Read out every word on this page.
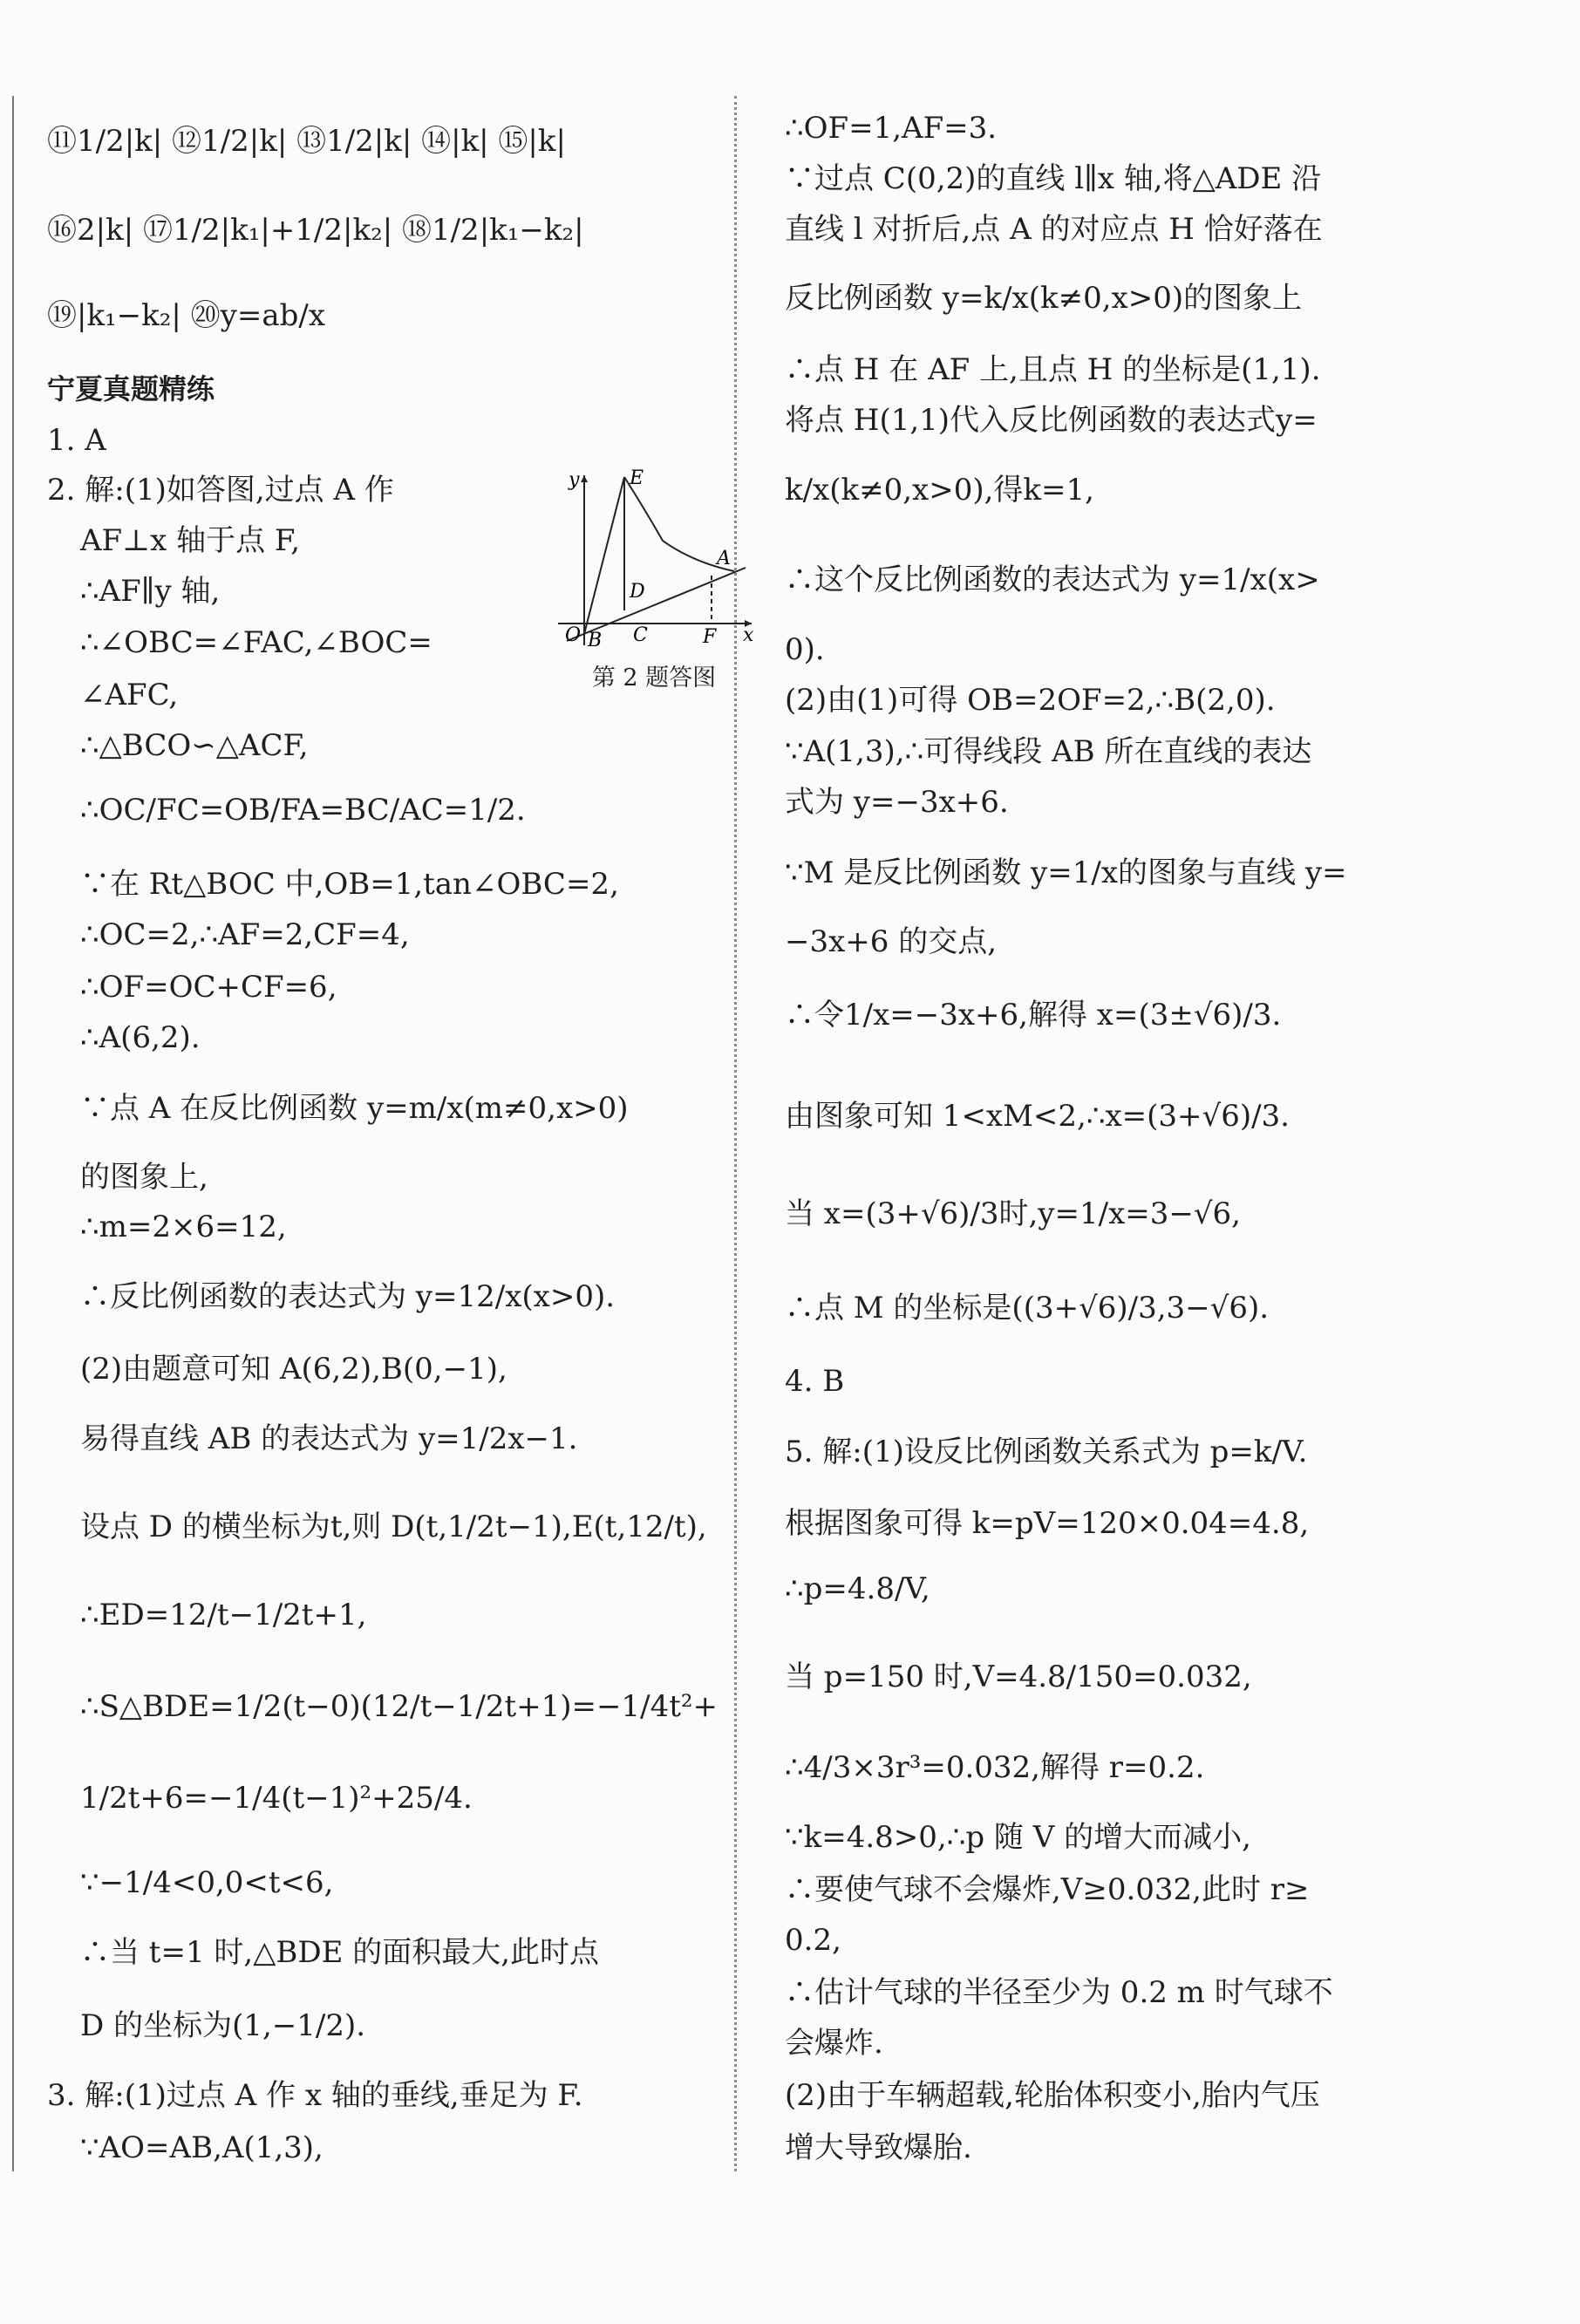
⑪1/2|k| ⑫1/2|k| ⑬1/2|k| ⑭|k| ⑮|k|
⑯2|k| ⑰1/2|k₁|+1/2|k₂| ⑱1/2|k₁−k₂|
⑲|k₁−k₂| ⑳y=ab/x
宁夏真题精练
1. A
2. 解:(1)如答图,过点 A 作
AF⊥x 轴于点 F,
∴AF∥y 轴,
∴∠OBC=∠FAC,∠BOC=
∠AFC,
∴△BCO∽△ACF,
∴OC/FC=OB/FA=BC/AC=1/2.
∵在 Rt△BOC 中,OB=1,tan∠OBC=2,
∴OC=2,∴AF=2,CF=4,
∴OF=OC+CF=6,
∴A(6,2).
∵点 A 在反比例函数 y=m/x(m≠0,x>0)
的图象上,
∴m=2×6=12,
∴反比例函数的表达式为 y=12/x(x>0).
(2)由题意可知 A(6,2),B(0,−1),
易得直线 AB 的表达式为 y=1/2x−1.
设点 D 的横坐标为t,则 D(t,1/2t−1),E(t,12/t),
∴ED=12/t−1/2t+1,
∴S△BDE=1/2(t−0)(12/t−1/2t+1)=−1/4t²+
1/2t+6=−1/4(t−1)²+25/4.
∵−1/4<0,0<t<6,
∴当 t=1 时,△BDE 的面积最大,此时点
D 的坐标为(1,−1/2).
3. 解:(1)过点 A 作 x 轴的垂线,垂足为 F.
∵AO=AB,A(1,3),
y	E
A
D
O	C
B	F x
第 2 题答图
∴OF=1,AF=3.
∵过点 C(0,2)的直线 l∥x 轴,将△ADE 沿
直线 l 对折后,点 A 的对应点 H 恰好落在
反比例函数 y=k/x(k≠0,x>0)的图象上
∴点 H 在 AF 上,且点 H 的坐标是(1,1).
将点 H(1,1)代入反比例函数的表达式y=
k/x(k≠0,x>0),得k=1,
∴这个反比例函数的表达式为 y=1/x(x>
0).
(2)由(1)可得 OB=2OF=2,∴B(2,0).
∵A(1,3),∴可得线段 AB 所在直线的表达
式为 y=−3x+6.
∵M 是反比例函数 y=1/x的图象与直线 y=
−3x+6 的交点,
∴令1/x=−3x+6,解得 x=(3±√6)/3.
由图象可知 1<xM<2,∴x=(3+√6)/3.
当 x=(3+√6)/3时,y=1/x=3−√6,
∴点 M 的坐标是((3+√6)/3,3−√6).
4. B
5. 解:(1)设反比例函数关系式为 p=k/V.
根据图象可得 k=pV=120×0.04=4.8,
∴p=4.8/V,
当 p=150 时,V=4.8/150=0.032,
∴4/3×3r³=0.032,解得 r=0.2.
∵k=4.8>0,∴p 随 V 的增大而减小,
∴要使气球不会爆炸,V≥0.032,此时 r≥
0.2,
∴估计气球的半径至少为 0.2 m 时气球不
会爆炸.
(2)由于车辆超载,轮胎体积变小,胎内气压
增大导致爆胎.
